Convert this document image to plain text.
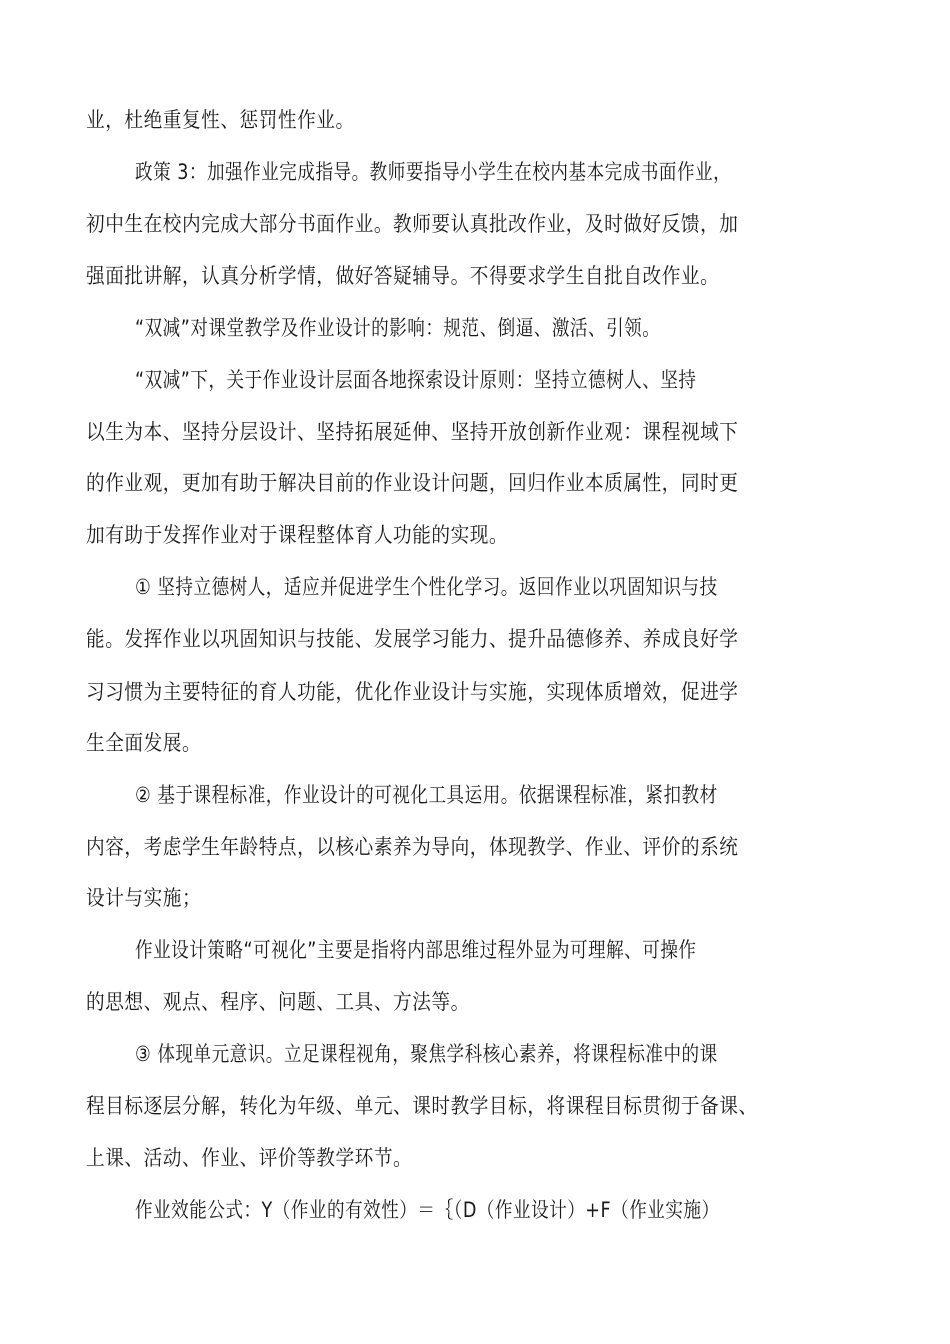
业，杜绝重复性、惩罚性作业。
政策 3：加强作业完成指导。教师要指导小学生在校内基本完成书面作业，
初中生在校内完成大部分书面作业。教师要认真批改作业，及时做好反馈，加
强面批讲解，认真分析学情，做好答疑辅导。不得要求学生自批自改作业。
“双减”对课堂教学及作业设计的影响：规范、倒逼、激活、引领。
“双减”下，关于作业设计层面各地探索设计原则：坚持立德树人、坚持
以生为本、坚持分层设计、坚持拓展延伸、坚持开放创新作业观：课程视域下
的作业观，更加有助于解决目前的作业设计问题，回归作业本质属性，同时更
加有助于发挥作业对于课程整体育人功能的实现。
① 坚持立德树人，适应并促进学生个性化学习。返回作业以巩固知识与技
能。发挥作业以巩固知识与技能、发展学习能力、提升品德修养、养成良好学
习习惯为主要特征的育人功能，优化作业设计与实施，实现体质增效，促进学
生全面发展。
② 基于课程标准，作业设计的可视化工具运用。依据课程标准，紧扣教材
内容，考虑学生年龄特点，以核心素养为导向，体现教学、作业、评价的系统
设计与实施；
作业设计策略“可视化”主要是指将内部思维过程外显为可理解、可操作
的思想、观点、程序、问题、工具、方法等。
③ 体现单元意识。立足课程视角，聚焦学科核心素养，将课程标准中的课
程目标逐层分解，转化为年级、单元、课时教学目标，将课程目标贯彻于备课、
上课、活动、作业、评价等教学环节。
作业效能公式：Y（作业的有效性）＝｛（D（作业设计）+F（作业实施）
